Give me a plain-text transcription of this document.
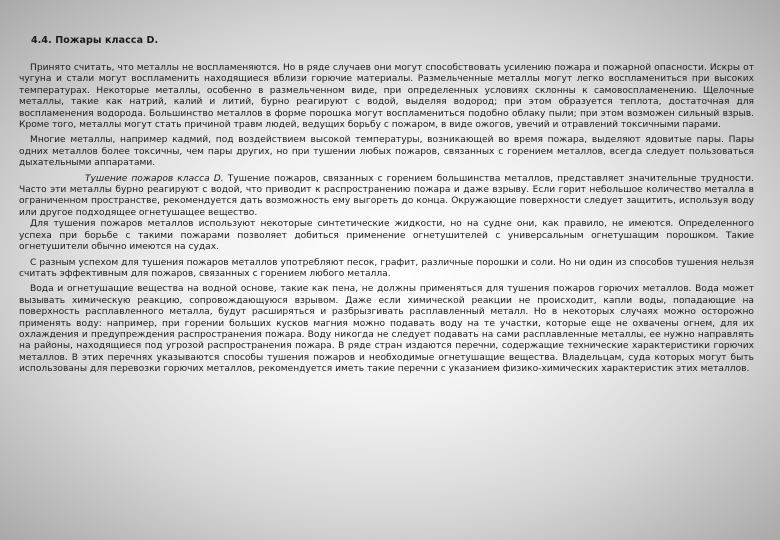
4.4. Пожары класса D.

Принято считать, что металлы не воспламеняются. Но в ряде случаев они могут способствовать усилению пожара и пожарной опасности. Искры от чугуна и стали могут воспламенить находящиеся вблизи горючие материалы. Размельченные металлы могут легко воспламениться при высоких температурах. Некоторые металлы, особенно в размельченном виде, при определенных условиях склонны к самовоспламенению. Щелочные металлы, такие как натрий, калий и литий, бурно реагируют с водой, выделяя водород; при этом образуется теплота, достаточная для воспламенения водорода. Большинство металлов в форме порошка могут воспламениться подобно облаку пыли; при этом возможен сильный взрыв. Кроме того, металлы могут стать причиной травм людей, ведущих борьбу с пожаром, в виде ожогов, увечий и отравлений токсичными парами.

Многие металлы, например кадмий, под воздействием высокой температуры, возникающей во время пожара, выделяют ядовитые пары. Пары одних металлов более токсичны, чем пары других, но при тушении любых пожаров, связанных с горением металлов, всегда следует пользоваться дыхательными аппаратами.

Тушение пожаров класса D. Тушение пожаров, связанных с горением большинства металлов, представляет значительные трудности. Часто эти металлы бурно реагируют с водой, что приводит к распространению пожара и даже взрыву. Если горит небольшое количество металла в ограниченном пространстве, рекомендуется дать возможность ему выгореть до конца. Окружающие поверхности следует защитить, используя воду или другое подходящее огнетушащее вещество.

Для тушения пожаров металлов используют некоторые синтетические жидкости, но на судне они, как правило, не имеются. Определенного успеха при борьбе с такими пожарами позволяет добиться применение огнетушителей с универсальным огнетушащим порошком. Такие огнетушители обычно имеются на судах.

С разным успехом для тушения пожаров металлов употребляют песок, графит, различные порошки и соли. Но ни один из способов тушения нельзя считать эффективным для пожаров, связанных с горением любого металла.

Вода и огнетушащие вещества на водной основе, такие как пена, не должны применяться для тушения пожаров горючих металлов. Вода может вызывать химическую реакцию, сопровождающуюся взрывом. Даже если химической реакции не происходит, капли воды, попадающие на поверхность расплавленного металла, будут расширяться и разбрызгивать расплавленный металл. Но в некоторых случаях можно осторожно применять воду: например, при горении больших кусков магния можно подавать воду на те участки, которые еще не охвачены огнем, для их охлаждения и предупреждения распространения пожара. Воду никогда не следует подавать на сами расплавленные металлы, ее нужно направлять на районы, находящиеся под угрозой распространения пожара. В ряде стран издаются перечни, содержащие технические характеристики горючих металлов. В этих перечнях указываются способы тушения пожаров и необходимые огнетушащие вещества. Владельцам, суда которых могут быть использованы для перевозки горючих металлов, рекомендуется иметь такие перечни с указанием физико-химических характеристик этих металлов.
